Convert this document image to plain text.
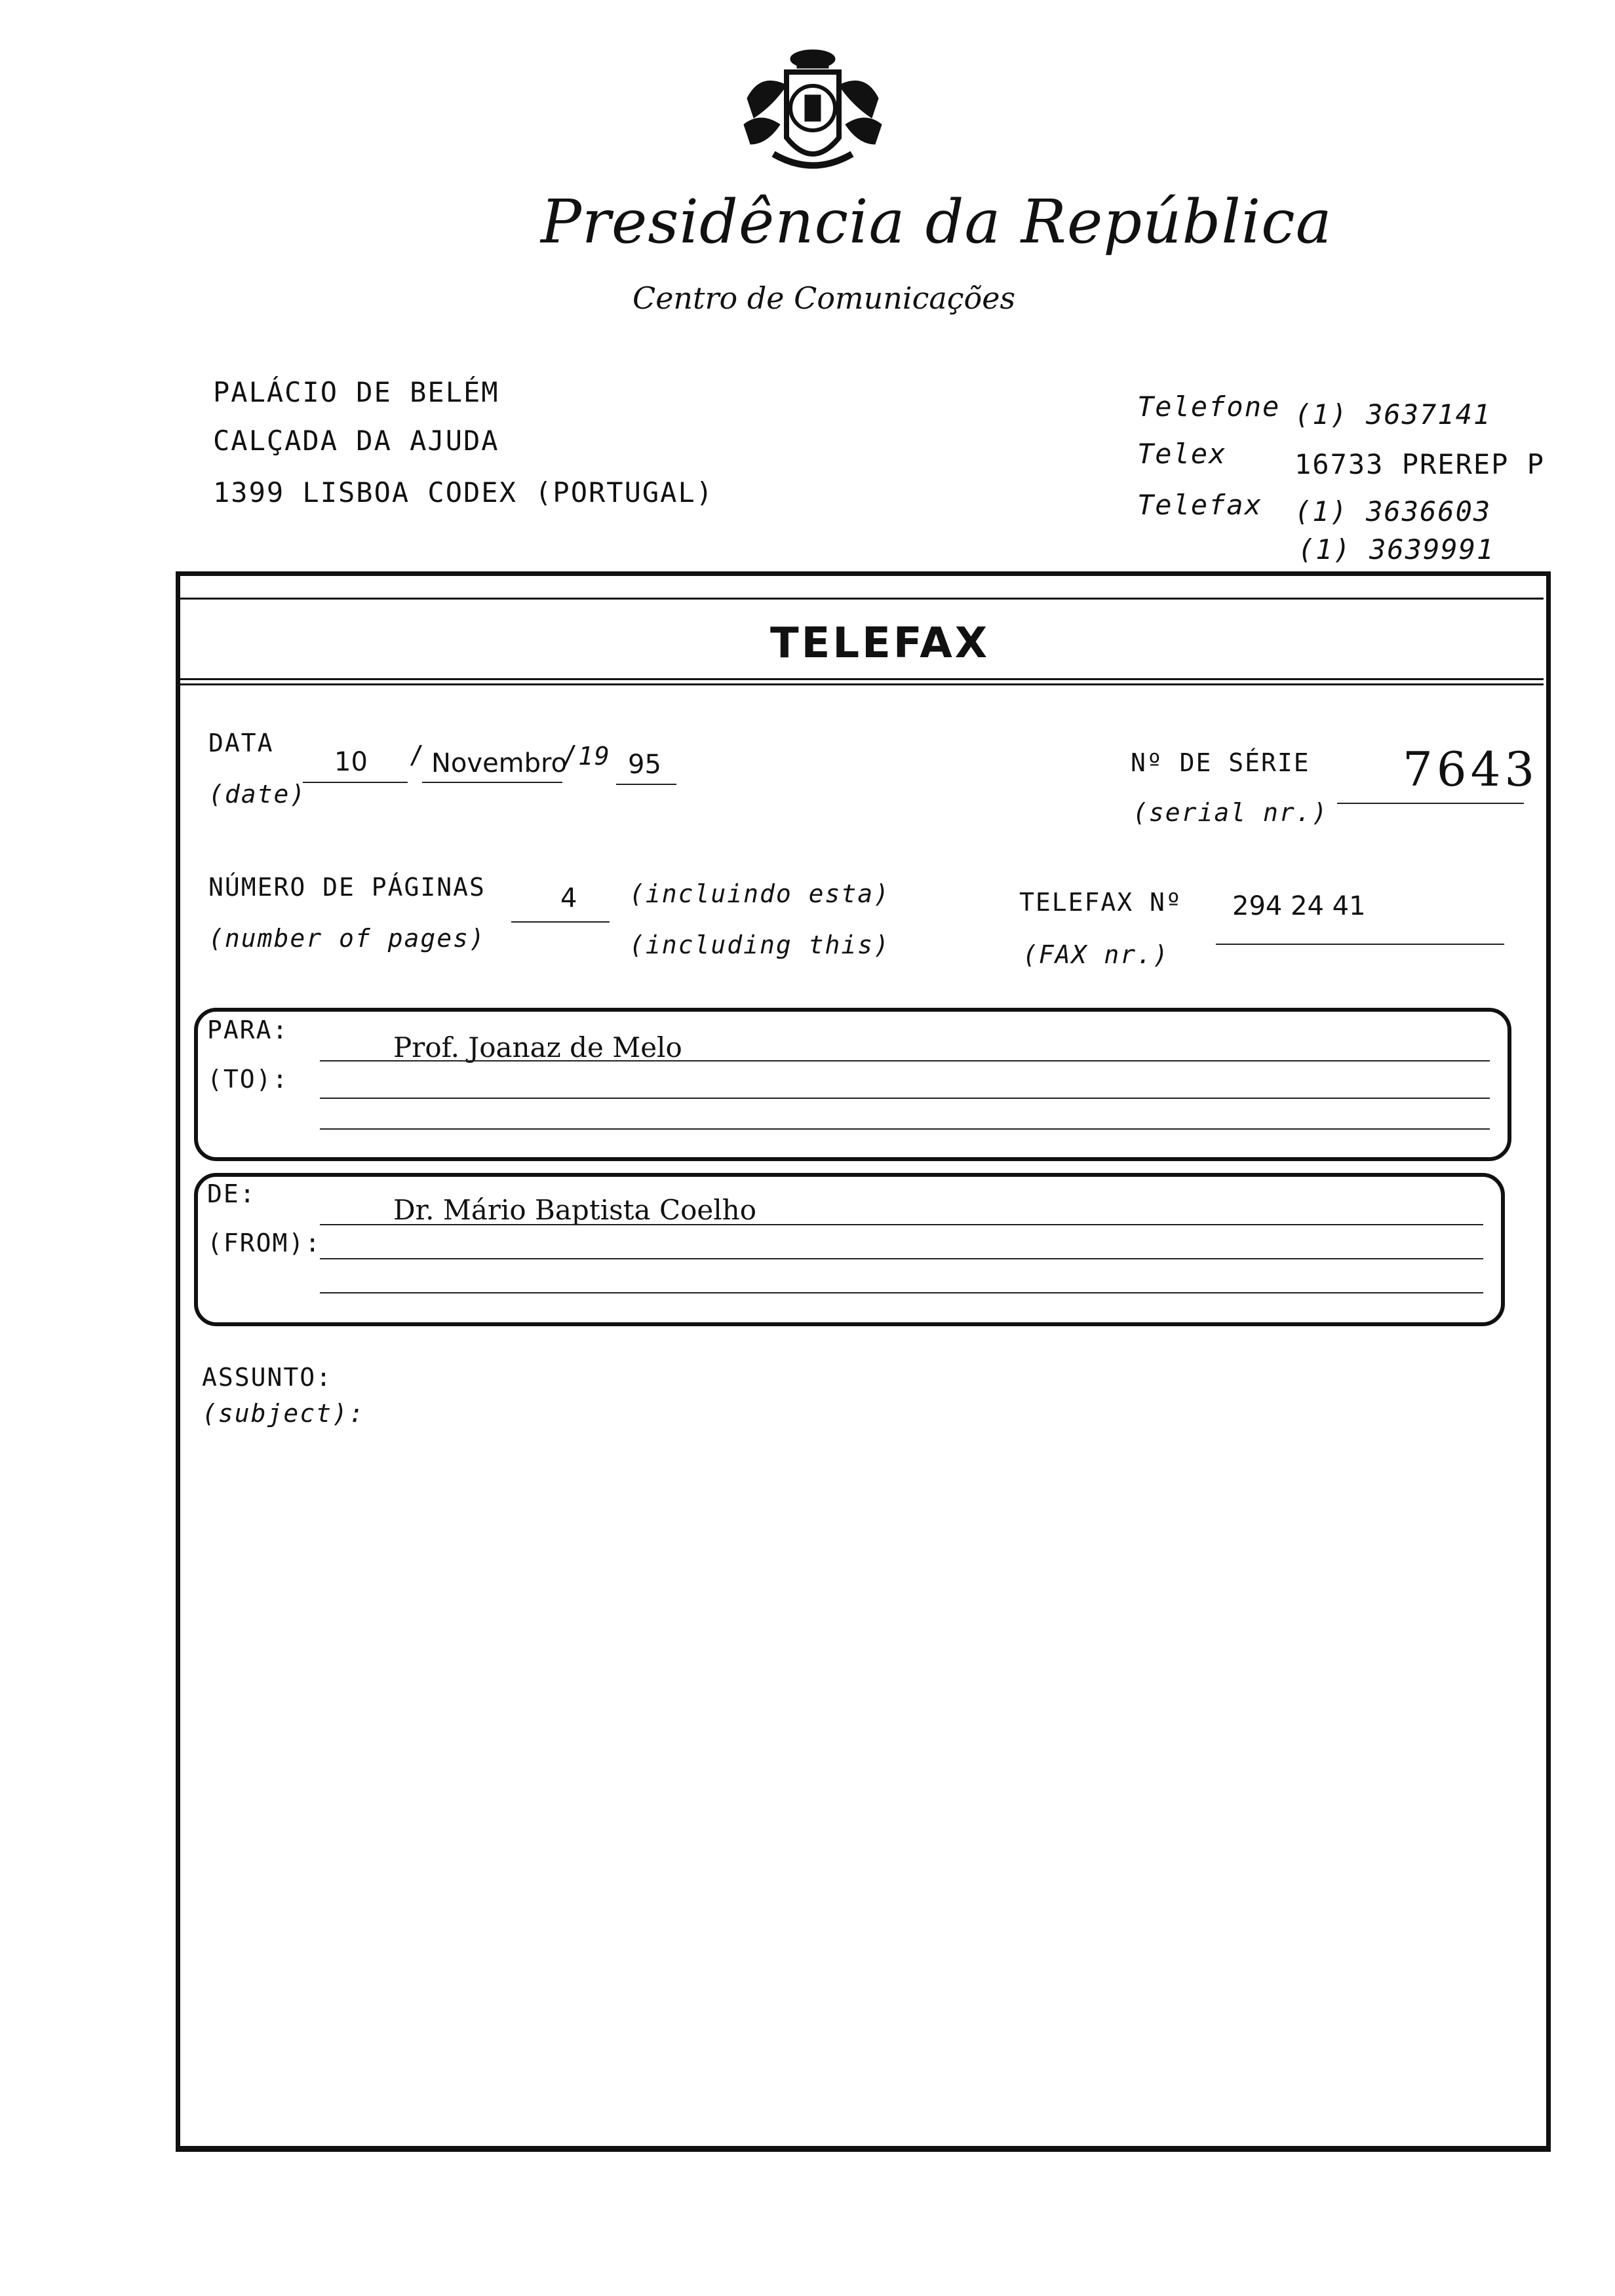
Presidência da República
Centro de Comunicações
PALÁCIO DE BELÉM
CALÇADA DA AJUDA
1399 LISBOA CODEX (PORTUGAL)
Telefone (1) 3637141
Telex 16733 PREREP P
Telefax (1) 3636603
(1) 3639991
TELEFAX
DATA
(date)
10 / Novembro
/ 19 95	Nº DE SÉRIE
(serial nr.)
7643
NÚMERO DE PÁGINAS
(number of pages)
4 (incluindo esta)
(including this)
TELEFAX Nº
(FAX nr.)
294 24 41
PARA:
(TO):
Prof. Joanaz de Melo
DE:
(FROM):
Dr. Mário Baptista Coelho
ASSUNTO:
(subject):
